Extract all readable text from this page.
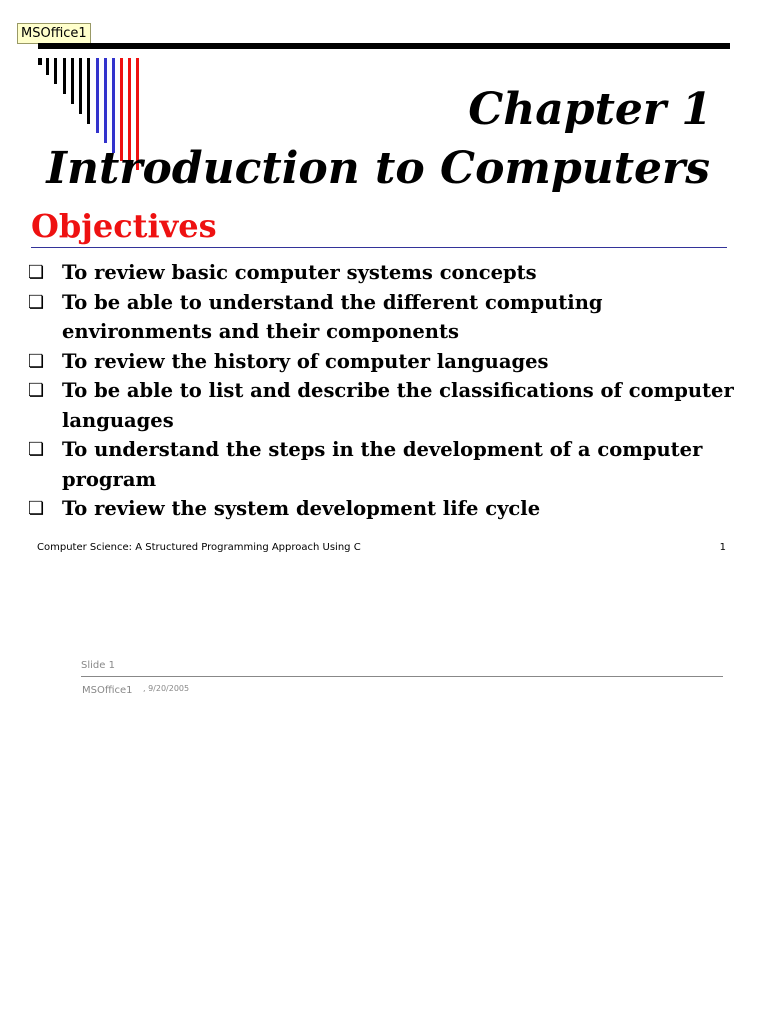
MSOffice1
Chapter 1
Introduction to Computers
Objectives
❏ To review basic computer systems concepts
❏ To be able to understand the different computing environments and their components
❏ To review the history of computer languages
❏ To be able to list and describe the classifications of computer languages
❏ To understand the steps in the development of a computer program
❏ To review the system development life cycle
Computer Science: A Structured Programming Approach Using C	1
Slide 1
MSOffice1 , 9/20/2005
